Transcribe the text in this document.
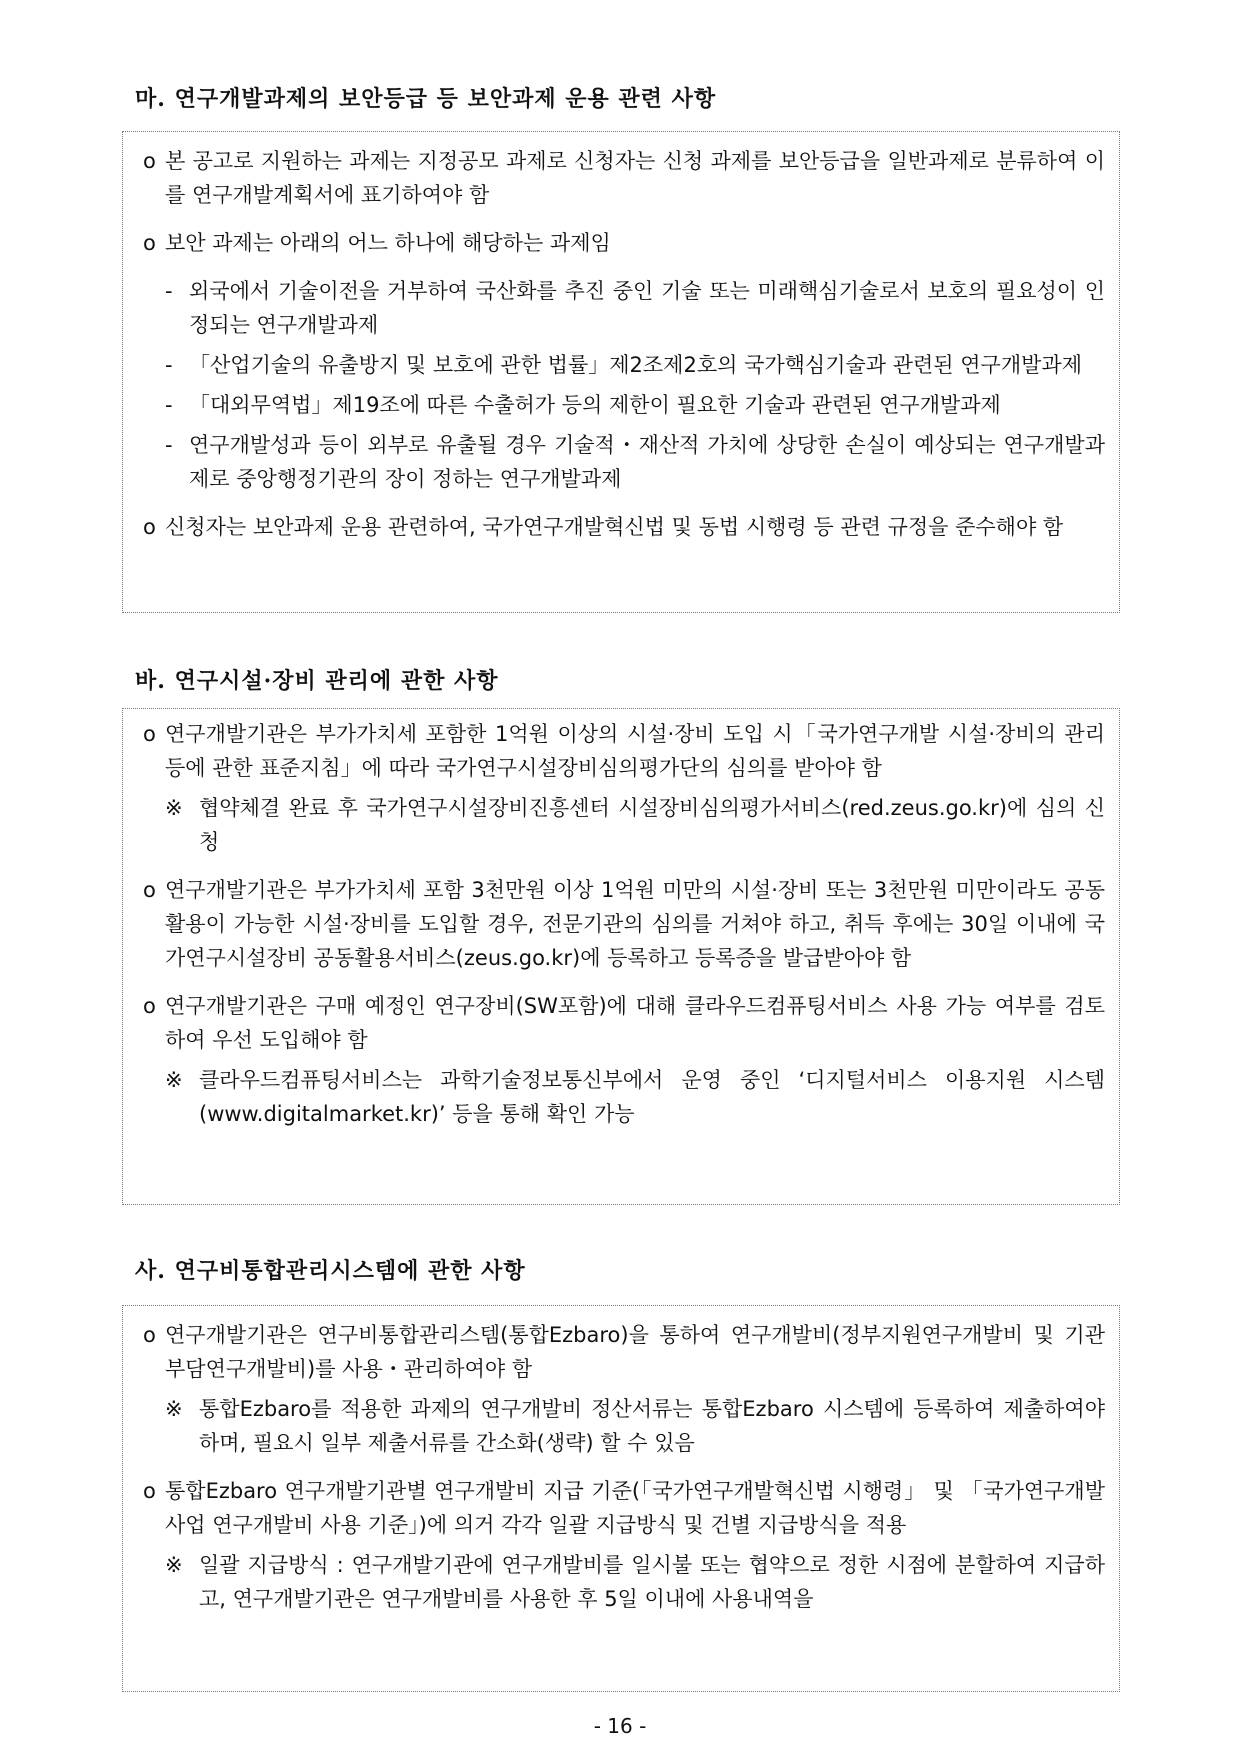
마. 연구개발과제의 보안등급 등 보안과제 운용 관련 사항
o 본 공고로 지원하는 과제는 지정공모 과제로 신청자는 신청 과제를 보안등급을 일반과제로 분류하여 이를 연구개발계획서에 표기하여야 함
o 보안 과제는 아래의 어느 하나에 해당하는 과제임
- 외국에서 기술이전을 거부하여 국산화를 추진 중인 기술 또는 미래핵심기술로서 보호의 필요성이 인정되는 연구개발과제
- 「산업기술의 유출방지 및 보호에 관한 법률」제2조제2호의 국가핵심기술과 관련된 연구개발과제
- 「대외무역법」제19조에 따른 수출허가 등의 제한이 필요한 기술과 관련된 연구개발과제
- 연구개발성과 등이 외부로 유출될 경우 기술적・재산적 가치에 상당한 손실이 예상되는 연구개발과제로 중앙행정기관의 장이 정하는 연구개발과제
o 신청자는 보안과제 운용 관련하여, 국가연구개발혁신법 및 동법 시행령 등 관련 규정을 준수해야 함
바. 연구시설·장비 관리에 관한 사항
o 연구개발기관은 부가가치세 포함한 1억원 이상의 시설·장비 도입 시「국가연구개발 시설·장비의 관리 등에 관한 표준지침」에 따라 국가연구시설장비심의평가단의 심의를 받아야 함
※ 협약체결 완료 후 국가연구시설장비진흥센터 시설장비심의평가서비스(red.zeus.go.kr)에 심의 신청
o 연구개발기관은 부가가치세 포함 3천만원 이상 1억원 미만의 시설·장비 또는 3천만원 미만이라도 공동 활용이 가능한 시설·장비를 도입할 경우, 전문기관의 심의를 거쳐야 하고, 취득 후에는 30일 이내에 국가연구시설장비 공동활용서비스(zeus.go.kr)에 등록하고 등록증을 발급받아야 함
o 연구개발기관은 구매 예정인 연구장비(SW포함)에 대해 클라우드컴퓨팅서비스 사용 가능 여부를 검토하여 우선 도입해야 함
※ 클라우드컴퓨팅서비스는 과학기술정보통신부에서 운영 중인 ‘디지털서비스 이용지원 시스템(www.digitalmarket.kr)’ 등을 통해 확인 가능
사. 연구비통합관리시스템에 관한 사항
o 연구개발기관은 연구비통합관리스템(통합Ezbaro)을 통하여 연구개발비(정부지원연구개발비 및 기관부담연구개발비)를 사용・관리하여야 함
※ 통합Ezbaro를 적용한 과제의 연구개발비 정산서류는 통합Ezbaro 시스템에 등록하여 제출하여야 하며, 필요시 일부 제출서류를 간소화(생략) 할 수 있음
o 통합Ezbaro 연구개발기관별 연구개발비 지급 기준(「국가연구개발혁신법 시행령」 및 「국가연구개발사업 연구개발비 사용 기준」)에 의거 각각 일괄 지급방식 및 건별 지급방식을 적용
※ 일괄 지급방식 : 연구개발기관에 연구개발비를 일시불 또는 협약으로 정한 시점에 분할하여 지급하고, 연구개발기관은 연구개발비를 사용한 후 5일 이내에 사용내역을
- 16 -
